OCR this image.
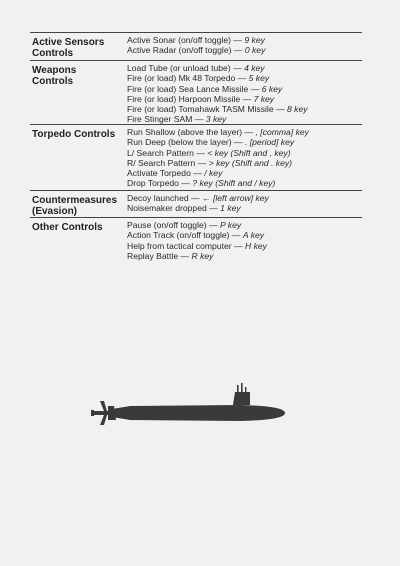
Active Sensors
Controls
Active Sonar (on/off toggle) — 9 key
Active Radar (on/off toggle) — 0 key
Weapons
Controls
Load Tube (or unload tube) — 4 key
Fire (or load) Mk 48 Torpedo — 5 key
Fire (or load) Sea Lance Missile — 6 key
Fire (or load) Harpoon Missile — 7 key
Fire (or load) Tomahawk TASM Missile — 8 key
Fire Stinger SAM — 3 key
Torpedo Controls	Run Shallow (above the layer) — , [comma] key
Run Deep (below the layer) — . [period] key
L/ Search Pattern — < key (Shift and , key)
R/ Search Pattern — > key (Shift and . key)
Activate Torpedo — / key
Drop Torpedo — ? key (Shift and / key)
Countermeasures
(Evasion)
Decoy launched — ← [left arrow] key
Noisemaker dropped — 1 key
Other Controls	Pause (on/off toggle) — P key
Action Track (on/off toggle) — A key
Help from tactical computer — H key
Replay Battle — R key
